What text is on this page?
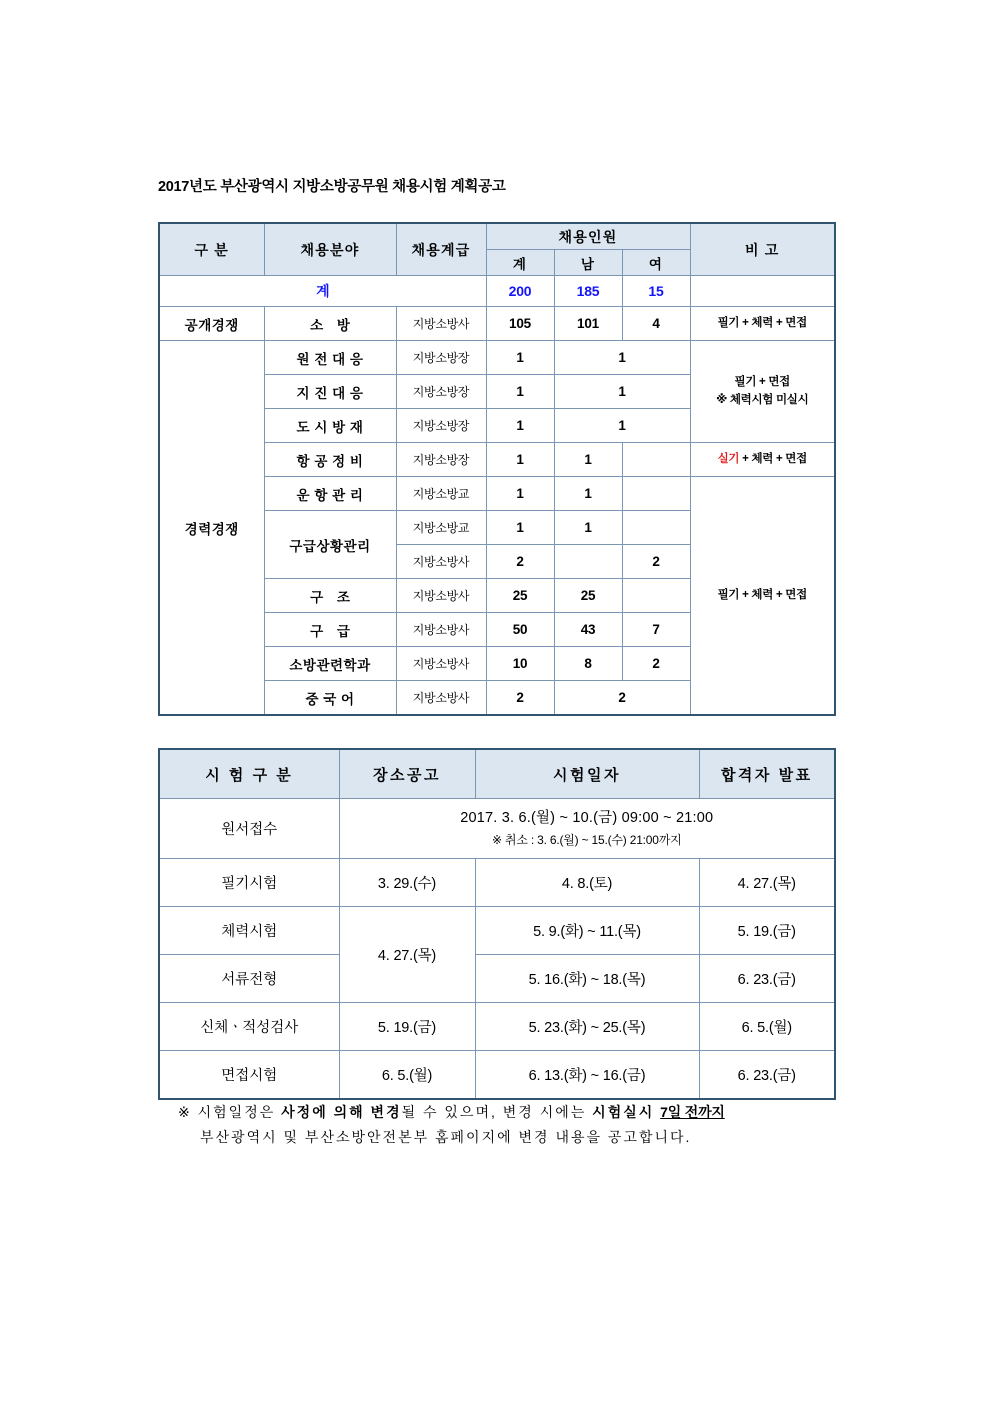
2017년도 부산광역시 지방소방공무원 채용시험 계획공고
구 분	채용분야	채용계급	채용인원			비 고
			계	남	여	
계			200	185	15	
공개경쟁	소 방	지방소방사	105	101	4	필기 + 체력 + 면접
경력경쟁	원 전 대 응	지방소방장	1	1		필기 + 면접
※ 체력시험 미실시
	지 진 대 응	지방소방장	1	1		
	도 시 방 재	지방소방장	1	1		
	항 공 정 비	지방소방장	1	1		실기 + 체력 + 면접
	운 항 관 리	지방소방교	1	1		필기 + 체력 + 면접
	구급상황관리	지방소방교	1	1		
		지방소방사	2		2	
	구 조	지방소방사	25	25		
	구 급	지방소방사	50	43	7	
	소방관련학과	지방소방사	10	8	2	
	중 국 어	지방소방사	2	2		
시 험 구 분	장소공고	시험일자	합격자 발표
원서접수	2017. 3. 6.(월) ~ 10.(금) 09:00 ~ 21:00
※ 취소 : 3. 6.(월) ~ 15.(수) 21:00까지		

필기시험	3. 29.(수)	4. 8.(토)	4. 27.(목)
체력시험	4. 27.(목)	5. 9.(화) ~ 11.(목)	5. 19.(금)
서류전형		5. 16.(화) ~ 18.(목)	6. 23.(금)
신체ㆍ적성검사	5. 19.(금)	5. 23.(화) ~ 25.(목)	6. 5.(월)
면접시험	6. 5.(월)	6. 13.(화) ~ 16.(금)	6. 23.(금)
※ 시험일정은 사정에 의해 변경될 수 있으며, 변경 시에는 시험실시 7일 전까지
부산광역시 및 부산소방안전본부 홈페이지에 변경 내용을 공고합니다.
